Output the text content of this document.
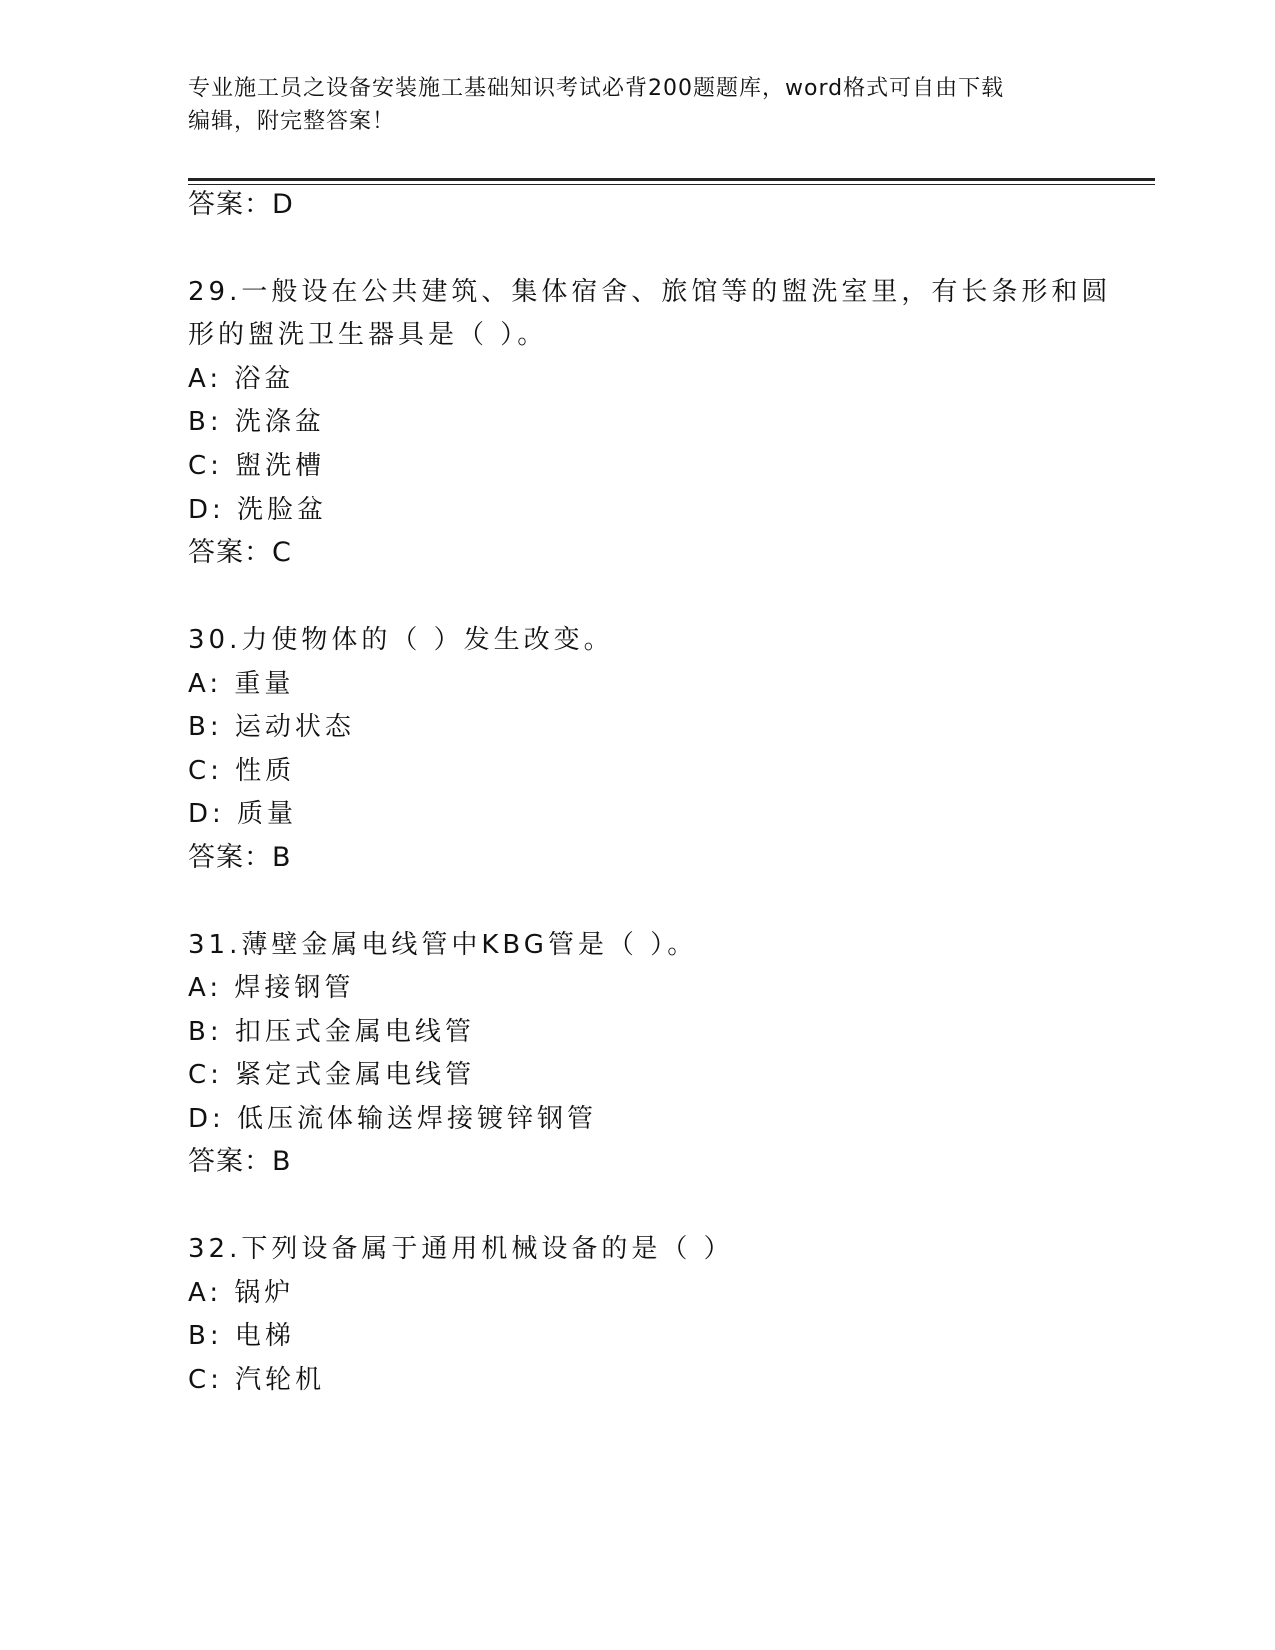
专业施工员之设备安装施工基础知识考试必背200题题库，word格式可自由下载
编辑，附完整答案！
答案：D
29.一般设在公共建筑、集体宿舍、旅馆等的盥洗室里，有长条形和圆
形的盥洗卫生器具是（ ）。
A: 浴盆
B: 洗涤盆
C: 盥洗槽
D: 洗脸盆
答案：C
30.力使物体的（ ）发生改变。
A: 重量
B: 运动状态
C: 性质
D: 质量
答案：B
31.薄壁金属电线管中KBG管是（ ）。
A: 焊接钢管
B: 扣压式金属电线管
C: 紧定式金属电线管
D: 低压流体输送焊接镀锌钢管
答案：B
32.下列设备属于通用机械设备的是（ ）
A: 锅炉
B: 电梯
C: 汽轮机
